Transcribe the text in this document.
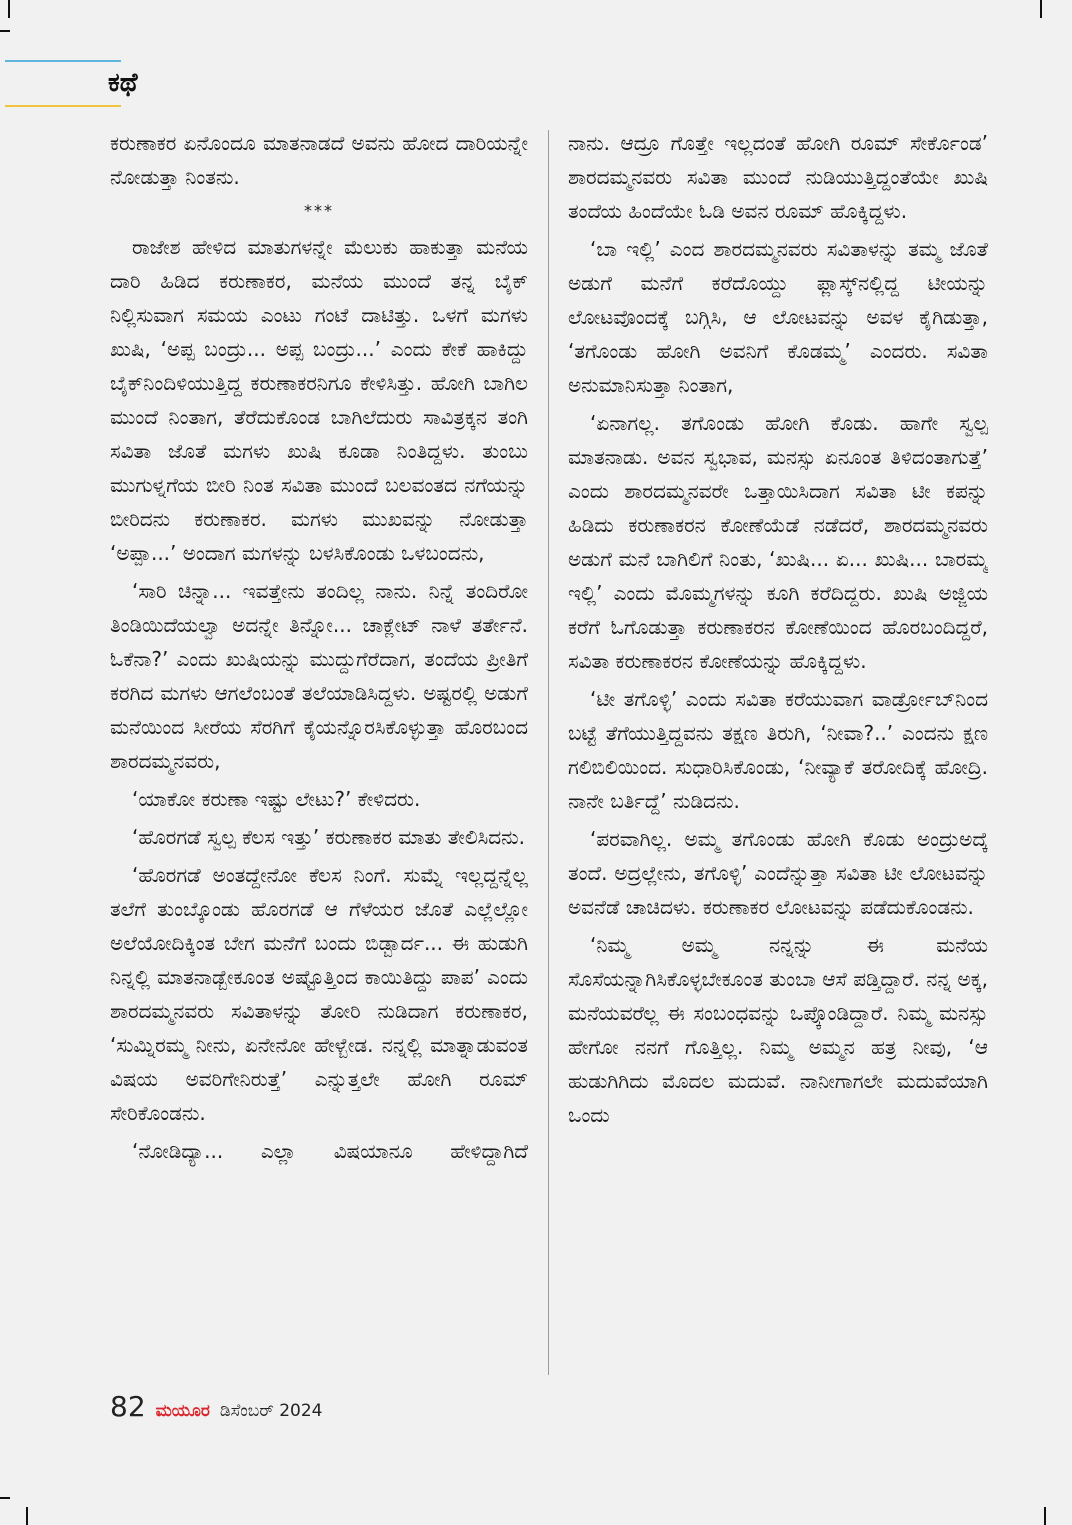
ಕಥೆ

ಕರುಣಾಕರ ಏನೊಂದೂ ಮಾತನಾಡದೆ ಅವನು ಹೋದ ದಾರಿಯನ್ನೇ ನೋಡುತ್ತಾ ನಿಂತನು.

***

ರಾಜೇಶ ಹೇಳಿದ ಮಾತುಗಳನ್ನೇ ಮೆಲುಕು ಹಾಕುತ್ತಾ ಮನೆಯ ದಾರಿ ಹಿಡಿದ ಕರುಣಾಕರ, ಮನೆಯ ಮುಂದೆ ತನ್ನ ಬೈಕ್ ನಿಲ್ಲಿಸುವಾಗ ಸಮಯ ಎಂಟು ಗಂಟೆ ದಾಟಿತ್ತು. ಒಳಗೆ ಮಗಳು ಖುಷಿ, ‘ಅಪ್ಪ ಬಂದ್ರು... ಅಪ್ಪ ಬಂದ್ರು...’ ಎಂದು ಕೇಕೆ ಹಾಕಿದ್ದು ಬೈಕ್‌ನಿಂದಿಳಿಯುತ್ತಿದ್ದ ಕರುಣಾಕರನಿಗೂ ಕೇಳಿಸಿತ್ತು. ಹೋಗಿ ಬಾಗಿಲ ಮುಂದೆ ನಿಂತಾಗ, ತೆರೆದುಕೊಂಡ ಬಾಗಿಲೆದುರು ಸಾವಿತ್ರಕ್ಕನ ತಂಗಿ ಸವಿತಾ ಜೊತೆ ಮಗಳು ಖುಷಿ ಕೂಡಾ ನಿಂತಿದ್ದಳು. ತುಂಬು ಮುಗುಳ್ನಗೆಯ ಬೀರಿ ನಿಂತ ಸವಿತಾ ಮುಂದೆ ಬಲವಂತದ ನಗೆಯನ್ನು ಬೀರಿದನು ಕರುಣಾಕರ. ಮಗಳು ಮುಖವನ್ನು ನೋಡುತ್ತಾ ‘ಅಪ್ಪಾ...’ ಅಂದಾಗ ಮಗಳನ್ನು ಬಳಸಿಕೊಂಡು ಒಳಬಂದನು,

‘ಸಾರಿ ಚಿನ್ನಾ... ಇವತ್ತೇನು ತಂದಿಲ್ಲ ನಾನು. ನಿನ್ನೆ ತಂದಿರೋ ತಿಂಡಿಯಿದೆಯಲ್ವಾ ಅದನ್ನೇ ತಿನ್ನೋ... ಚಾಕ್ಲೇಟ್ ನಾಳೆ ತರ್ತೇನೆ. ಓಕೆನಾ?’ ಎಂದು ಖುಷಿಯನ್ನು ಮುದ್ದುಗೆರೆದಾಗ, ತಂದೆಯ ಪ್ರೀತಿಗೆ ಕರಗಿದ ಮಗಳು ಆಗಲೆಂಬಂತೆ ತಲೆಯಾಡಿಸಿದ್ದಳು. ಅಷ್ಟರಲ್ಲಿ ಅಡುಗೆ ಮನೆಯಿಂದ ಸೀರೆಯ ಸೆರಗಿಗೆ ಕೈಯನ್ನೊರಸಿಕೊಳ್ಳುತ್ತಾ ಹೊರಬಂದ ಶಾರದಮ್ಮನವರು,

‘ಯಾಕೋ ಕರುಣಾ ಇಷ್ಟು ಲೇಟು?’ ಕೇಳಿದರು.

‘ಹೊರಗಡೆ ಸ್ವಲ್ಪ ಕೆಲಸ ಇತ್ತು’ ಕರುಣಾಕರ ಮಾತು ತೇಲಿಸಿದನು.

‘ಹೊರಗಡೆ ಅಂತದ್ದೇನೋ ಕೆಲಸ ನಿಂಗೆ. ಸುಮ್ನೆ ಇಲ್ಲದ್ದನ್ನೆಲ್ಲ ತಲೆಗೆ ತುಂಬ್ಕೊಂಡು ಹೊರಗಡೆ ಆ ಗೆಳೆಯರ ಜೊತೆ ಎಲ್ಲೆಲ್ಲೋ ಅಲೆಯೋದಿಕ್ಕಿಂತ ಬೇಗ ಮನೆಗೆ ಬಂದು ಬಿಡ್ಬಾರ್ದ... ಈ ಹುಡುಗಿ ನಿನ್ನಲ್ಲಿ ಮಾತನಾಡ್ಬೇಕೂಂತ ಅಷ್ಟೊತ್ತಿಂದ ಕಾಯಿತಿದ್ದು ಪಾಪ’ ಎಂದು ಶಾರದಮ್ಮನವರು ಸವಿತಾಳನ್ನು ತೋರಿ ನುಡಿದಾಗ ಕರುಣಾಕರ, ‘ಸುಮ್ನಿರಮ್ಮ ನೀನು, ಏನೇನೋ ಹೇಳ್ಬೇಡ. ನನ್ನಲ್ಲಿ ಮಾತ್ನಾಡುವಂತ ವಿಷಯ ಅವರಿಗೇನಿರುತ್ತೆ’ ಎನ್ನುತ್ತಲೇ ಹೋಗಿ ರೂಮ್ ಸೇರಿಕೊಂಡನು.

‘ನೋಡಿದ್ಯಾ... ಎಲ್ಲಾ ವಿಷಯಾನೂ ಹೇಳಿದ್ದಾಗಿದೆ

ನಾನು. ಆದ್ರೂ ಗೊತ್ತೇ ಇಲ್ಲದಂತೆ ಹೋಗಿ ರೂಮ್ ಸೇರ್ಕೊಂಡ’ ಶಾರದಮ್ಮನವರು ಸವಿತಾ ಮುಂದೆ ನುಡಿಯುತ್ತಿದ್ದಂತೆಯೇ ಖುಷಿ ತಂದೆಯ ಹಿಂದೆಯೇ ಓಡಿ ಅವನ ರೂಮ್ ಹೊಕ್ಕಿದ್ದಳು.

‘ಬಾ ಇಲ್ಲಿ’ ಎಂದ ಶಾರದಮ್ಮನವರು ಸವಿತಾಳನ್ನು ತಮ್ಮ ಜೊತೆ ಅಡುಗೆ ಮನೆಗೆ ಕರೆದೊಯ್ದು ಫ್ಲಾಸ್ಕ್‌ನಲ್ಲಿದ್ದ ಟೀಯನ್ನು ಲೋಟವೊಂದಕ್ಕೆ ಬಗ್ಗಿಸಿ, ಆ ಲೋಟವನ್ನು ಅವಳ ಕೈಗಿಡುತ್ತಾ, ‘ತಗೊಂಡು ಹೋಗಿ ಅವನಿಗೆ ಕೊಡಮ್ಮ’ ಎಂದರು. ಸವಿತಾ ಅನುಮಾನಿಸುತ್ತಾ ನಿಂತಾಗ,

‘ಏನಾಗಲ್ಲ. ತಗೊಂಡು ಹೋಗಿ ಕೊಡು. ಹಾಗೇ ಸ್ವಲ್ಪ ಮಾತನಾಡು. ಅವನ ಸ್ವಭಾವ, ಮನಸ್ಸು ಏನೂಂತ ತಿಳಿದಂತಾಗುತ್ತೆ’ ಎಂದು ಶಾರದಮ್ಮನವರೇ ಒತ್ತಾಯಿಸಿದಾಗ ಸವಿತಾ ಟೀ ಕಪನ್ನು ಹಿಡಿದು ಕರುಣಾಕರನ ಕೋಣೆಯೆಡೆ ನಡೆದರೆ, ಶಾರದಮ್ಮನವರು ಅಡುಗೆ ಮನೆ ಬಾಗಿಲಿಗೆ ನಿಂತು, ‘ಖುಷಿ... ಏ... ಖುಷಿ... ಬಾರಮ್ಮ ಇಲ್ಲಿ’ ಎಂದು ಮೊಮ್ಮಗಳನ್ನು ಕೂಗಿ ಕರೆದಿದ್ದರು. ಖುಷಿ ಅಜ್ಜಿಯ ಕರೆಗೆ ಓಗೊಡುತ್ತಾ ಕರುಣಾಕರನ ಕೋಣೆಯಿಂದ ಹೊರಬಂದಿದ್ದರೆ, ಸವಿತಾ ಕರುಣಾಕರನ ಕೋಣೆಯನ್ನು ಹೊಕ್ಕಿದ್ದಳು.

‘ಟೀ ತಗೊಳ್ಳಿ’ ಎಂದು ಸವಿತಾ ಕರೆಯುವಾಗ ವಾರ್ಡ್ರೋಬ್‌ನಿಂದ ಬಟ್ಟೆ ತೆಗೆಯುತ್ತಿದ್ದವನು ತಕ್ಷಣ ತಿರುಗಿ, ‘ನೀವಾ?..’ ಎಂದನು ಕ್ಷಣ ಗಲಿಬಿಲಿಯಿಂದ. ಸುಧಾರಿಸಿಕೊಂಡು, ‘ನೀವ್ಯಾಕೆ ತರೋದಿಕ್ಕೆ ಹೋದ್ರಿ. ನಾನೇ ಬರ್ತಿದ್ದೆ’ ನುಡಿದನು.

‘ಪರವಾಗಿಲ್ಲ. ಅಮ್ಮ ತಗೊಂಡು ಹೋಗಿ ಕೊಡು ಅಂದ್ರುಅದ್ಕೆ ತಂದೆ. ಅದ್ರಲ್ಲೇನು, ತಗೊಳ್ಳಿ’ ಎಂದೆನ್ನುತ್ತಾ ಸವಿತಾ ಟೀ ಲೋಟವನ್ನು ಅವನೆಡೆ ಚಾಚಿದಳು. ಕರುಣಾಕರ ಲೋಟವನ್ನು ಪಡೆದುಕೊಂಡನು.

‘ನಿಮ್ಮ ಅಮ್ಮ ನನ್ನನ್ನು ಈ ಮನೆಯ ಸೊಸೆಯನ್ನಾಗಿಸಿಕೊಳ್ಳಬೇಕೂಂತ ತುಂಬಾ ಆಸೆ ಪಡ್ತಿದ್ದಾರೆ. ನನ್ನ ಅಕ್ಕ, ಮನೆಯವರೆಲ್ಲ ಈ ಸಂಬಂಧವನ್ನು ಒಪ್ಕೊಂಡಿದ್ದಾರೆ. ನಿಮ್ಮ ಮನಸ್ಸು ಹೇಗೋ ನನಗೆ ಗೊತ್ತಿಲ್ಲ. ನಿಮ್ಮ ಅಮ್ಮನ ಹತ್ರ ನೀವು, ‘ಆ ಹುಡುಗಿಗಿದು ಮೊದಲ ಮದುವೆ. ನಾನೀಗಾಗಲೇ ಮದುವೆಯಾಗಿ ಒಂದು

82 ಮಯೂರ ಡಿಸೆಂಬರ್ 2024
